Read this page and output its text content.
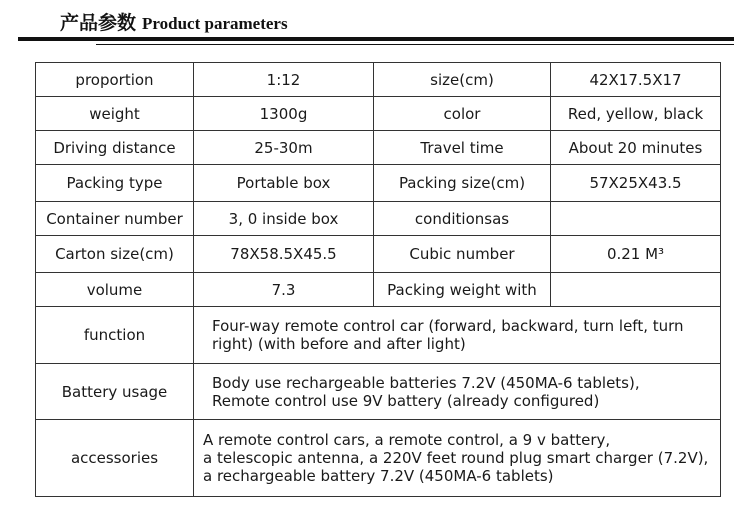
产品参数 Product parameters
proportion	1:12	size(cm)	42X17.5X17
weight	1300g	color	Red, yellow, black
Driving distance	25-30m	Travel time	About 20 minutes
Packing type	Portable box	Packing size(cm)	57X25X43.5
Container number	3, 0 inside box	conditionsas	
Carton size(cm)	78X58.5X45.5	Cubic number	0.21 M³
volume	7.3	Packing weight with	
function	Four-way remote control car (forward, backward, turn left, turn
right) (with before and after light)		

Battery usage	Body use rechargeable batteries 7.2V (450MA-6 tablets),
Remote control use 9V battery (already configured)		

accessories	A remote control cars, a remote control, a 9 v battery,
a telescopic antenna, a 220V feet round plug smart charger (7.2V),
a rechargeable battery 7.2V (450MA-6 tablets)		
